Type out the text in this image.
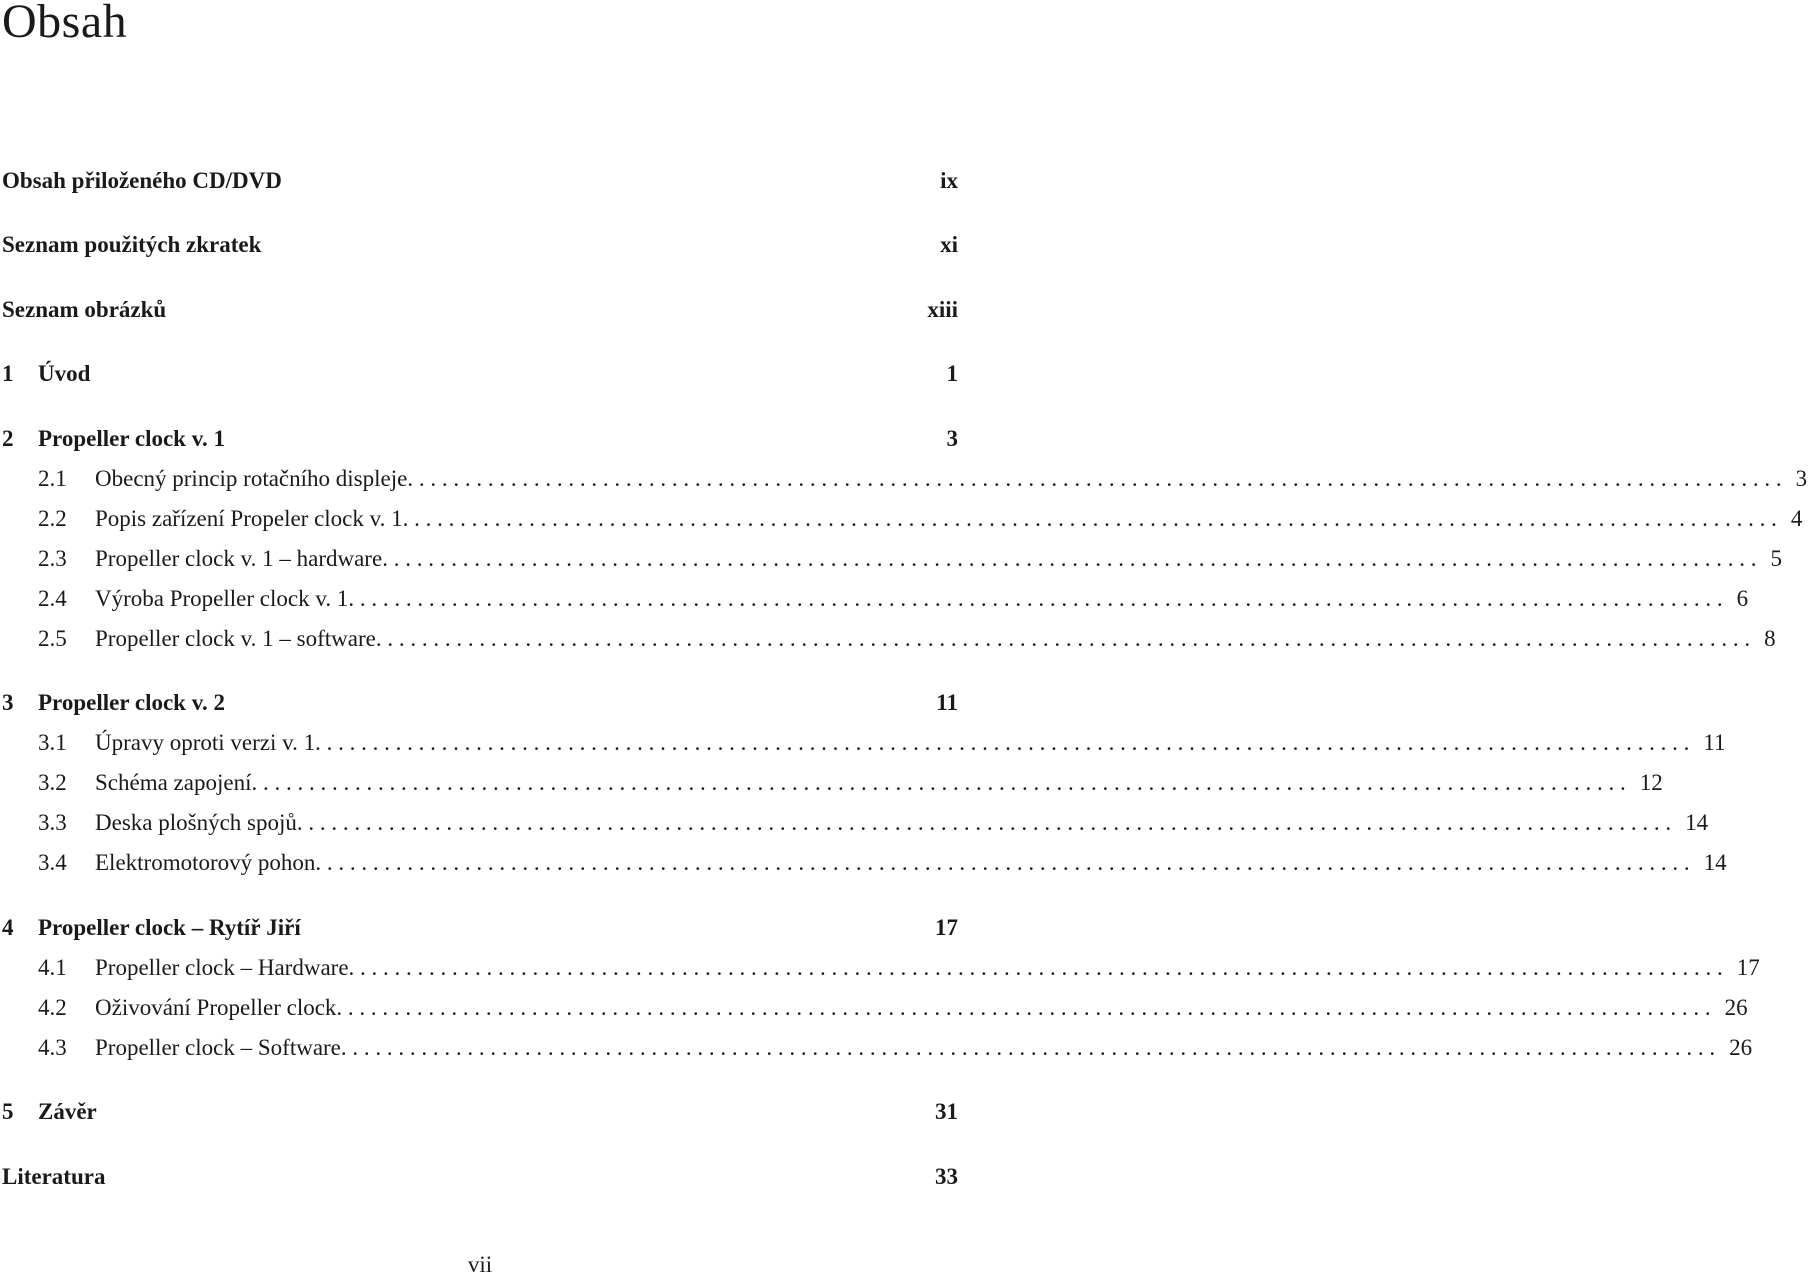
Obsah
Obsah přiloženého CD/DVD	ix
Seznam použitých zkratek	xi
Seznam obrázků	xiii
1	Úvod	1
2	Propeller clock v. 1	3
2.1	Obecný princip rotačního displeje . . . . . . . . . . . . . . . . . . . . . . . . . . . . . . . . . . . . . . . . . . . . . . . . . . . . . . . . . . . . . . . . . . . . . . . . . . . . . . . . . . . . . . . . . . . . . . . . . . . . . . . . . . . . . . . . . . . . . . . . 3
2.2	Popis zařízení Propeler clock v. 1 . . . . . . . . . . . . . . . . . . . . . . . . . . . . . . . . . . . . . . . . . . . . . . . . . . . . . . . . . . . . . . . . . . . . . . . . . . . . . . . . . . . . . . . . . . . . . . . . . . . . . . . . . . . . . . . . . . . . . . . . 4
2.3	Propeller clock v. 1 – hardware . . . . . . . . . . . . . . . . . . . . . . . . . . . . . . . . . . . . . . . . . . . . . . . . . . . . . . . . . . . . . . . . . . . . . . . . . . . . . . . . . . . . . . . . . . . . . . . . . . . . . . . . . . . . . . . . . . . . . . . . 5
2.4	Výroba Propeller clock v. 1 . . . . . . . . . . . . . . . . . . . . . . . . . . . . . . . . . . . . . . . . . . . . . . . . . . . . . . . . . . . . . . . . . . . . . . . . . . . . . . . . . . . . . . . . . . . . . . . . . . . . . . . . . . . . . . . . . . . . . . . . 6
2.5	Propeller clock v. 1 – software . . . . . . . . . . . . . . . . . . . . . . . . . . . . . . . . . . . . . . . . . . . . . . . . . . . . . . . . . . . . . . . . . . . . . . . . . . . . . . . . . . . . . . . . . . . . . . . . . . . . . . . . . . . . . . . . . . . . . . . . 8
3	Propeller clock v. 2	11
3.1	Úpravy oproti verzi v. 1 . . . . . . . . . . . . . . . . . . . . . . . . . . . . . . . . . . . . . . . . . . . . . . . . . . . . . . . . . . . . . . . . . . . . . . . . . . . . . . . . . . . . . . . . . . . . . . . . . . . . . . . . . . . . . . . . . . . . . . . . 11
3.2	Schéma zapojení . . . . . . . . . . . . . . . . . . . . . . . . . . . . . . . . . . . . . . . . . . . . . . . . . . . . . . . . . . . . . . . . . . . . . . . . . . . . . . . . . . . . . . . . . . . . . . . . . . . . . . . . . . . . . . . . . . . . . . . . 12
3.3	Deska plošných spojů . . . . . . . . . . . . . . . . . . . . . . . . . . . . . . . . . . . . . . . . . . . . . . . . . . . . . . . . . . . . . . . . . . . . . . . . . . . . . . . . . . . . . . . . . . . . . . . . . . . . . . . . . . . . . . . . . . . . . . . . 14
3.4	Elektromotorový pohon . . . . . . . . . . . . . . . . . . . . . . . . . . . . . . . . . . . . . . . . . . . . . . . . . . . . . . . . . . . . . . . . . . . . . . . . . . . . . . . . . . . . . . . . . . . . . . . . . . . . . . . . . . . . . . . . . . . . . . . . 14
4	Propeller clock – Rytíř Jiří	17
4.1	Propeller clock – Hardware . . . . . . . . . . . . . . . . . . . . . . . . . . . . . . . . . . . . . . . . . . . . . . . . . . . . . . . . . . . . . . . . . . . . . . . . . . . . . . . . . . . . . . . . . . . . . . . . . . . . . . . . . . . . . . . . . . . . . . . . 17
4.2	Oživování Propeller clock . . . . . . . . . . . . . . . . . . . . . . . . . . . . . . . . . . . . . . . . . . . . . . . . . . . . . . . . . . . . . . . . . . . . . . . . . . . . . . . . . . . . . . . . . . . . . . . . . . . . . . . . . . . . . . . . . . . . . . . . 26
4.3	Propeller clock – Software . . . . . . . . . . . . . . . . . . . . . . . . . . . . . . . . . . . . . . . . . . . . . . . . . . . . . . . . . . . . . . . . . . . . . . . . . . . . . . . . . . . . . . . . . . . . . . . . . . . . . . . . . . . . . . . . . . . . . . . . 26
5	Závěr	31
Literatura	33
vii
